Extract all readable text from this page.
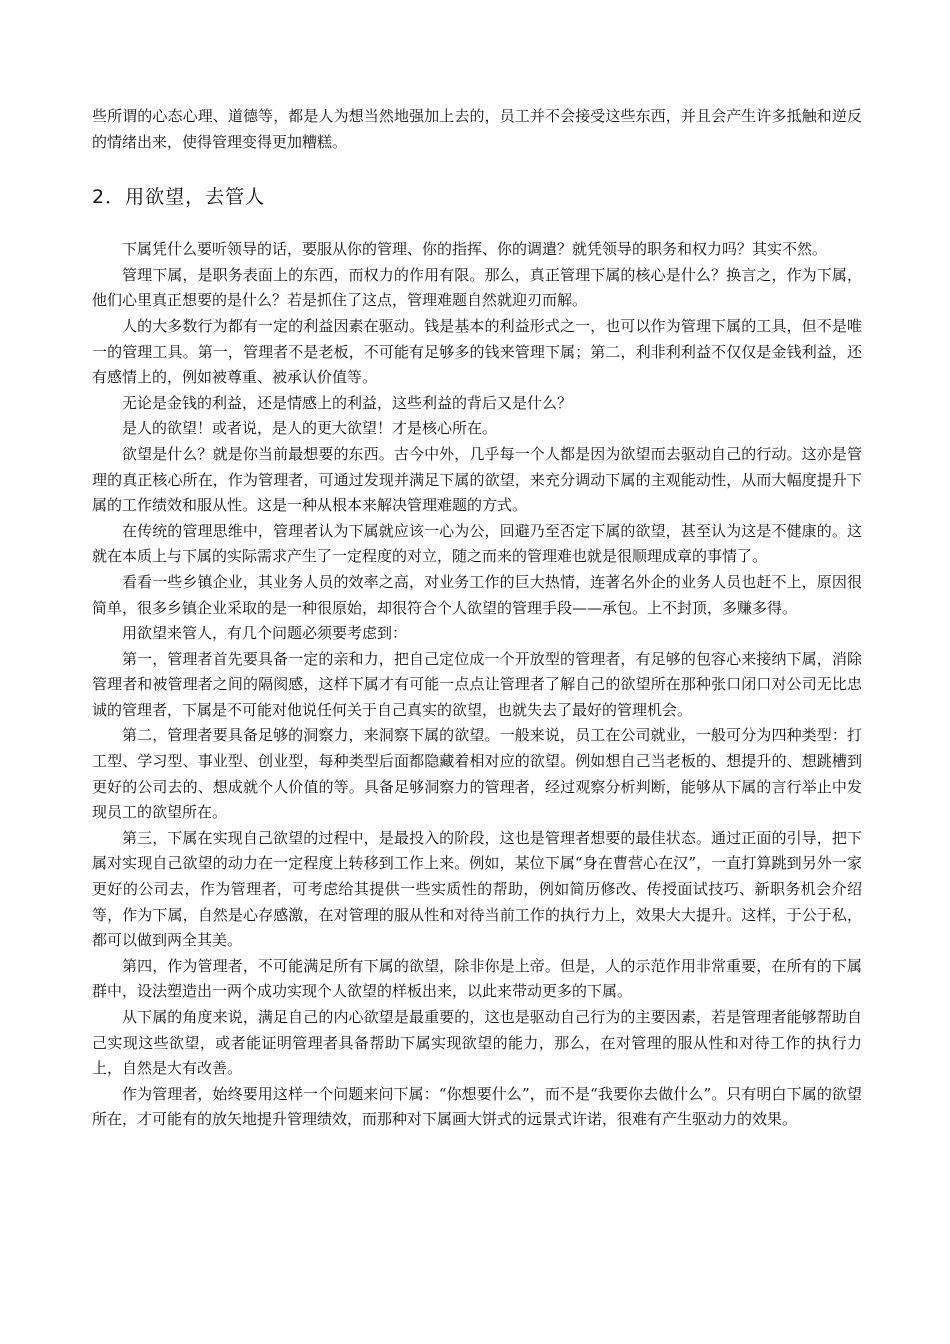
些所谓的心态心理、道德等，都是人为想当然地强加上去的，员工并不会接受这些东西，并且会产生许多抵触和逆反的情绪出来，使得管理变得更加糟糕。

2．用欲望，去管人

下属凭什么要听领导的话，要服从你的管理、你的指挥、你的调遣？就凭领导的职务和权力吗？其实不然。

管理下属，是职务表面上的东西，而权力的作用有限。那么，真正管理下属的核心是什么？换言之，作为下属，他们心里真正想要的是什么？若是抓住了这点，管理难题自然就迎刃而解。

人的大多数行为都有一定的利益因素在驱动。钱是基本的利益形式之一，也可以作为管理下属的工具，但不是唯一的管理工具。第一，管理者不是老板，不可能有足够多的钱来管理下属；第二，利非利利益不仅仅是金钱利益，还有感情上的，例如被尊重、被承认价值等。

无论是金钱的利益，还是情感上的利益，这些利益的背后又是什么？

是人的欲望！或者说，是人的更大欲望！才是核心所在。

欲望是什么？就是你当前最想要的东西。古今中外，几乎每一个人都是因为欲望而去驱动自己的行动。这亦是管理的真正核心所在，作为管理者，可通过发现并满足下属的欲望，来充分调动下属的主观能动性，从而大幅度提升下属的工作绩效和服从性。这是一种从根本来解决管理难题的方式。

在传统的管理思维中，管理者认为下属就应该一心为公，回避乃至否定下属的欲望，甚至认为这是不健康的。这就在本质上与下属的实际需求产生了一定程度的对立，随之而来的管理难也就是很顺理成章的事情了。

看看一些乡镇企业，其业务人员的效率之高，对业务工作的巨大热情，连著名外企的业务人员也赶不上，原因很简单，很多乡镇企业采取的是一种很原始，却很符合个人欲望的管理手段——承包。上不封顶，多赚多得。

用欲望来管人，有几个问题必须要考虑到：

第一，管理者首先要具备一定的亲和力，把自己定位成一个开放型的管理者，有足够的包容心来接纳下属，消除管理者和被管理者之间的隔阂感，这样下属才有可能一点点让管理者了解自己的欲望所在那种张口闭口对公司无比忠诚的管理者，下属是不可能对他说任何关于自己真实的欲望，也就失去了最好的管理机会。

第二，管理者要具备足够的洞察力，来洞察下属的欲望。一般来说，员工在公司就业，一般可分为四种类型：打工型、学习型、事业型、创业型，每种类型后面都隐藏着相对应的欲望。例如想自己当老板的、想提升的、想跳槽到更好的公司去的、想成就个人价值的等。具备足够洞察力的管理者，经过观察分析判断，能够从下属的言行举止中发现员工的欲望所在。

第三，下属在实现自己欲望的过程中，是最投入的阶段，这也是管理者想要的最佳状态。通过正面的引导，把下属对实现自己欲望的动力在一定程度上转移到工作上来。例如，某位下属“身在曹营心在汉”，一直打算跳到另外一家更好的公司去，作为管理者，可考虑给其提供一些实质性的帮助，例如简历修改、传授面试技巧、新职务机会介绍等，作为下属，自然是心存感激，在对管理的服从性和对待当前工作的执行力上，效果大大提升。这样，于公于私，都可以做到两全其美。

第四，作为管理者，不可能满足所有下属的欲望，除非你是上帝。但是，人的示范作用非常重要，在所有的下属群中，设法塑造出一两个成功实现个人欲望的样板出来，以此来带动更多的下属。

从下属的角度来说，满足自己的内心欲望是最重要的，这也是驱动自己行为的主要因素，若是管理者能够帮助自己实现这些欲望，或者能证明管理者具备帮助下属实现欲望的能力，那么，在对管理的服从性和对待工作的执行力上，自然是大有改善。

作为管理者，始终要用这样一个问题来问下属：“你想要什么”，而不是“我要你去做什么”。只有明白下属的欲望所在，才可能有的放矢地提升管理绩效，而那种对下属画大饼式的远景式许诺，很难有产生驱动力的效果。
